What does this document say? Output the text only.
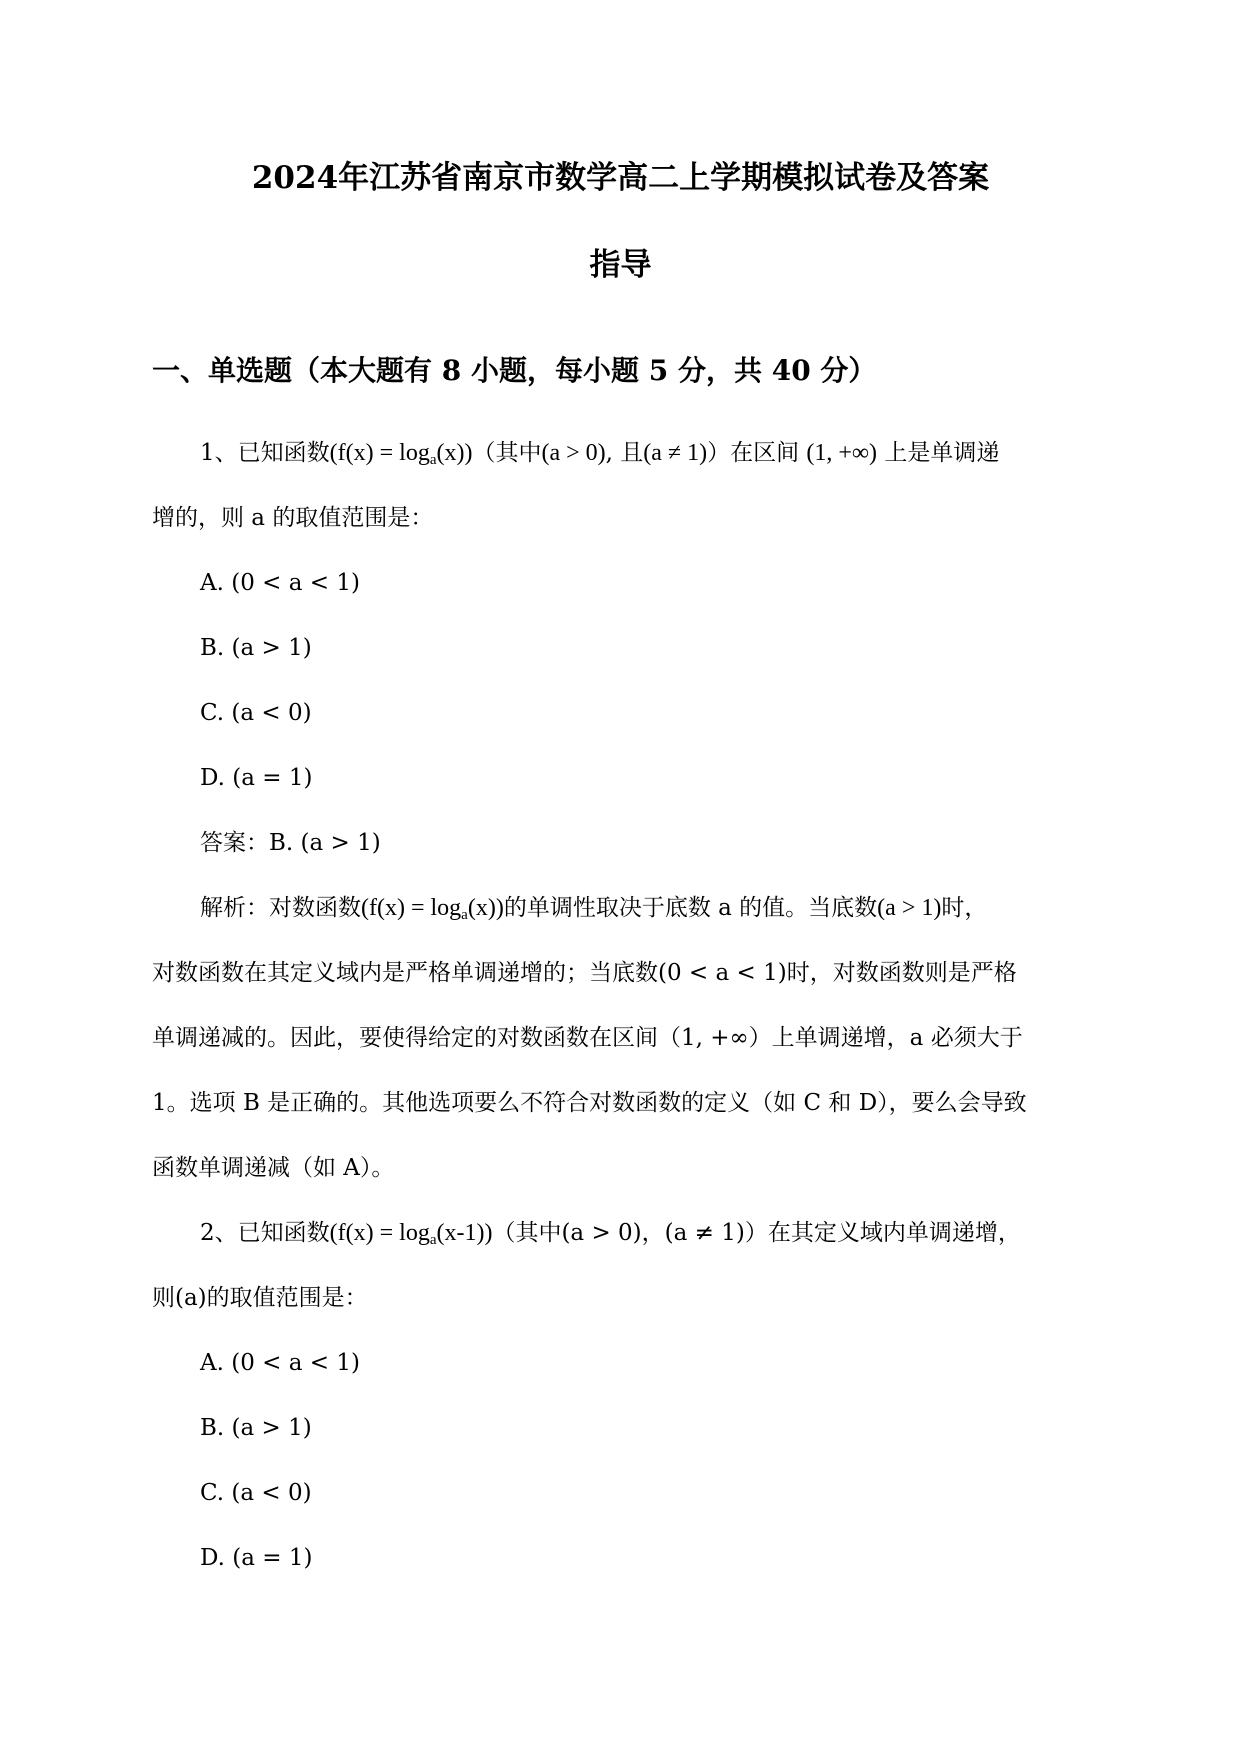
2024年江苏省南京市数学高二上学期模拟试卷及答案
指导
一、单选题（本大题有 8 小题，每小题 5 分，共 40 分）
1、已知函数$(f(x) = \log_a(x))$（其中(a > 0), 且(a ≠ 1)）在区间 (1, +∞) 上是单调递
增的，则 a 的取值范围是：
A. (0 < a < 1)
B. (a > 1)
C. (a < 0)
D. (a = 1)
答案：B. (a > 1)
解析：对数函数$(f(x) = \log_a(x))$的单调性取决于底数 a 的值。当底数(a > 1)时，
对数函数在其定义域内是严格单调递增的；当底数(0 < a < 1)时，对数函数则是严格
单调递减的。因此，要使得给定的对数函数在区间（1, +∞）上单调递增，a 必须大于
1。选项 B 是正确的。其他选项要么不符合对数函数的定义（如 C 和 D），要么会导致
函数单调递减（如 A）。
2、已知函数$(f(x) = \log_a(x-1))$（其中(a > 0)，(a ≠ 1)）在其定义域内单调递增，
则(a)的取值范围是：
A. (0 < a < 1)
B. (a > 1)
C. (a < 0)
D. (a = 1)
